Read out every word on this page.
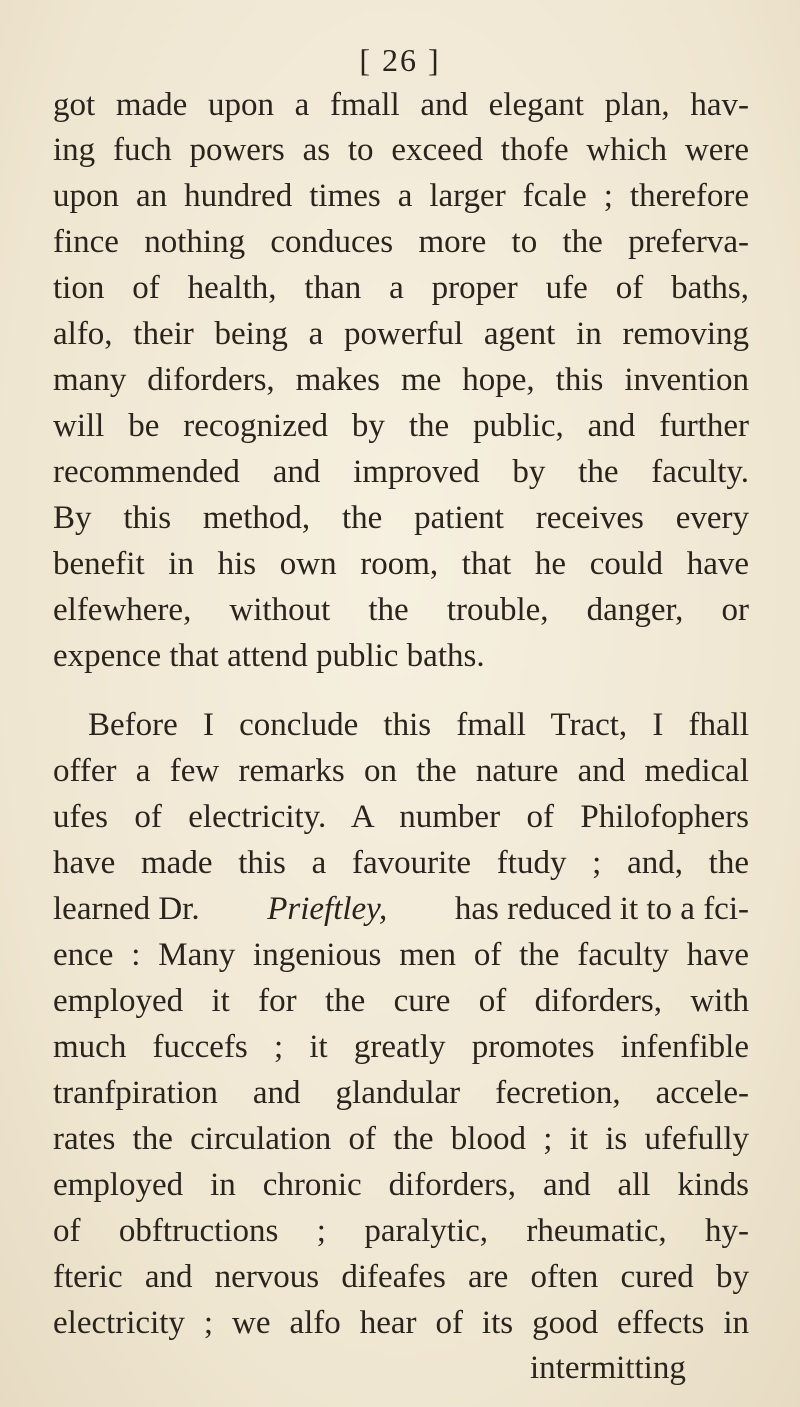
[ 26 ]
got made upon a fmall and elegant plan, hav-
ing fuch powers as to exceed thofe which were
upon an hundred times a larger fcale ; therefore
fince nothing conduces more to the preferva-
tion of health, than a proper ufe of baths,
alfo, their being a powerful agent in removing
many diforders, makes me hope, this invention
will be recognized by the public, and further
recommended and improved by the faculty.
By this method, the patient receives every
benefit in his own room, that he could have
elfewhere, without the trouble, danger, or
expence that attend public baths.
Before I conclude this fmall Tract, I fhall
offer a few remarks on the nature and medical
ufes of electricity. A number of Philofophers
have made this a favourite ftudy ; and, the
learned Dr. Prieftley, has reduced it to a fci-
ence : Many ingenious men of the faculty have
employed it for the cure of diforders, with
much fuccefs ; it greatly promotes infenfible
tranfpiration and glandular fecretion, accele-
rates the circulation of the blood ; it is ufefully
employed in chronic diforders, and all kinds
of obftructions ; paralytic, rheumatic, hy-
fteric and nervous difeafes are often cured by
electricity ; we alfo hear of its good effects in
intermitting
